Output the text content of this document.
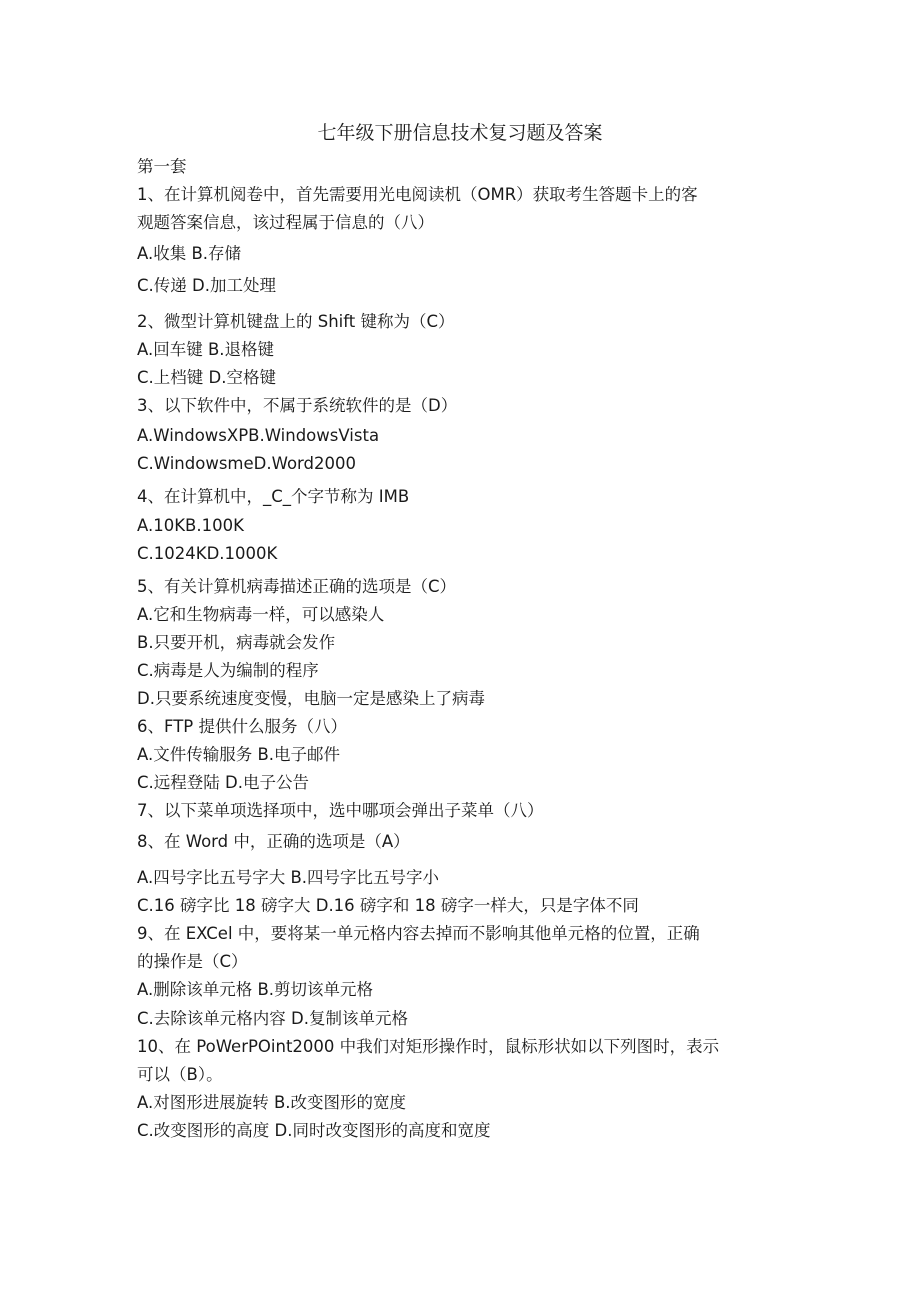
七年级下册信息技术复习题及答案
第一套
1、在计算机阅卷中，首先需要用光电阅读机（OMR）获取考生答题卡上的客
观题答案信息，该过程属于信息的（八）
A.收集 B.存储
C.传递 D.加工处理
2、微型计算机键盘上的 Shift 键称为（C）
A.回车键 B.退格键
C.上档键 D.空格键
3、以下软件中，不属于系统软件的是（D）
A.WindowsXPB.WindowsVista
C.WindowsmeD.Word2000
4、在计算机中，_C_个字节称为 IMB
A.10KB.100K
C.1024KD.1000K
5、有关计算机病毒描述正确的选项是（C）
A.它和生物病毒一样，可以感染人
B.只要开机，病毒就会发作
C.病毒是人为编制的程序
D.只要系统速度变慢，电脑一定是感染上了病毒
6、FTP 提供什么服务（八）
A.文件传输服务 B.电子邮件
C.远程登陆 D.电子公告
7、以下菜单项选择项中，选中哪项会弹出子菜单（八）
8、在 Word 中，正确的选项是（A）
A.四号字比五号字大 B.四号字比五号字小
C.16 磅字比 18 磅字大 D.16 磅字和 18 磅字一样大，只是字体不同
9、在 EXCel 中，要将某一单元格内容去掉而不影响其他单元格的位置，正确
的操作是（C）
A.删除该单元格 B.剪切该单元格
C.去除该单元格内容 D.复制该单元格
10、在 PoWerPOint2000 中我们对矩形操作时，鼠标形状如以下列图时，表示
可以（B）。
A.对图形进展旋转 B.改变图形的宽度
C.改变图形的高度 D.同时改变图形的高度和宽度
